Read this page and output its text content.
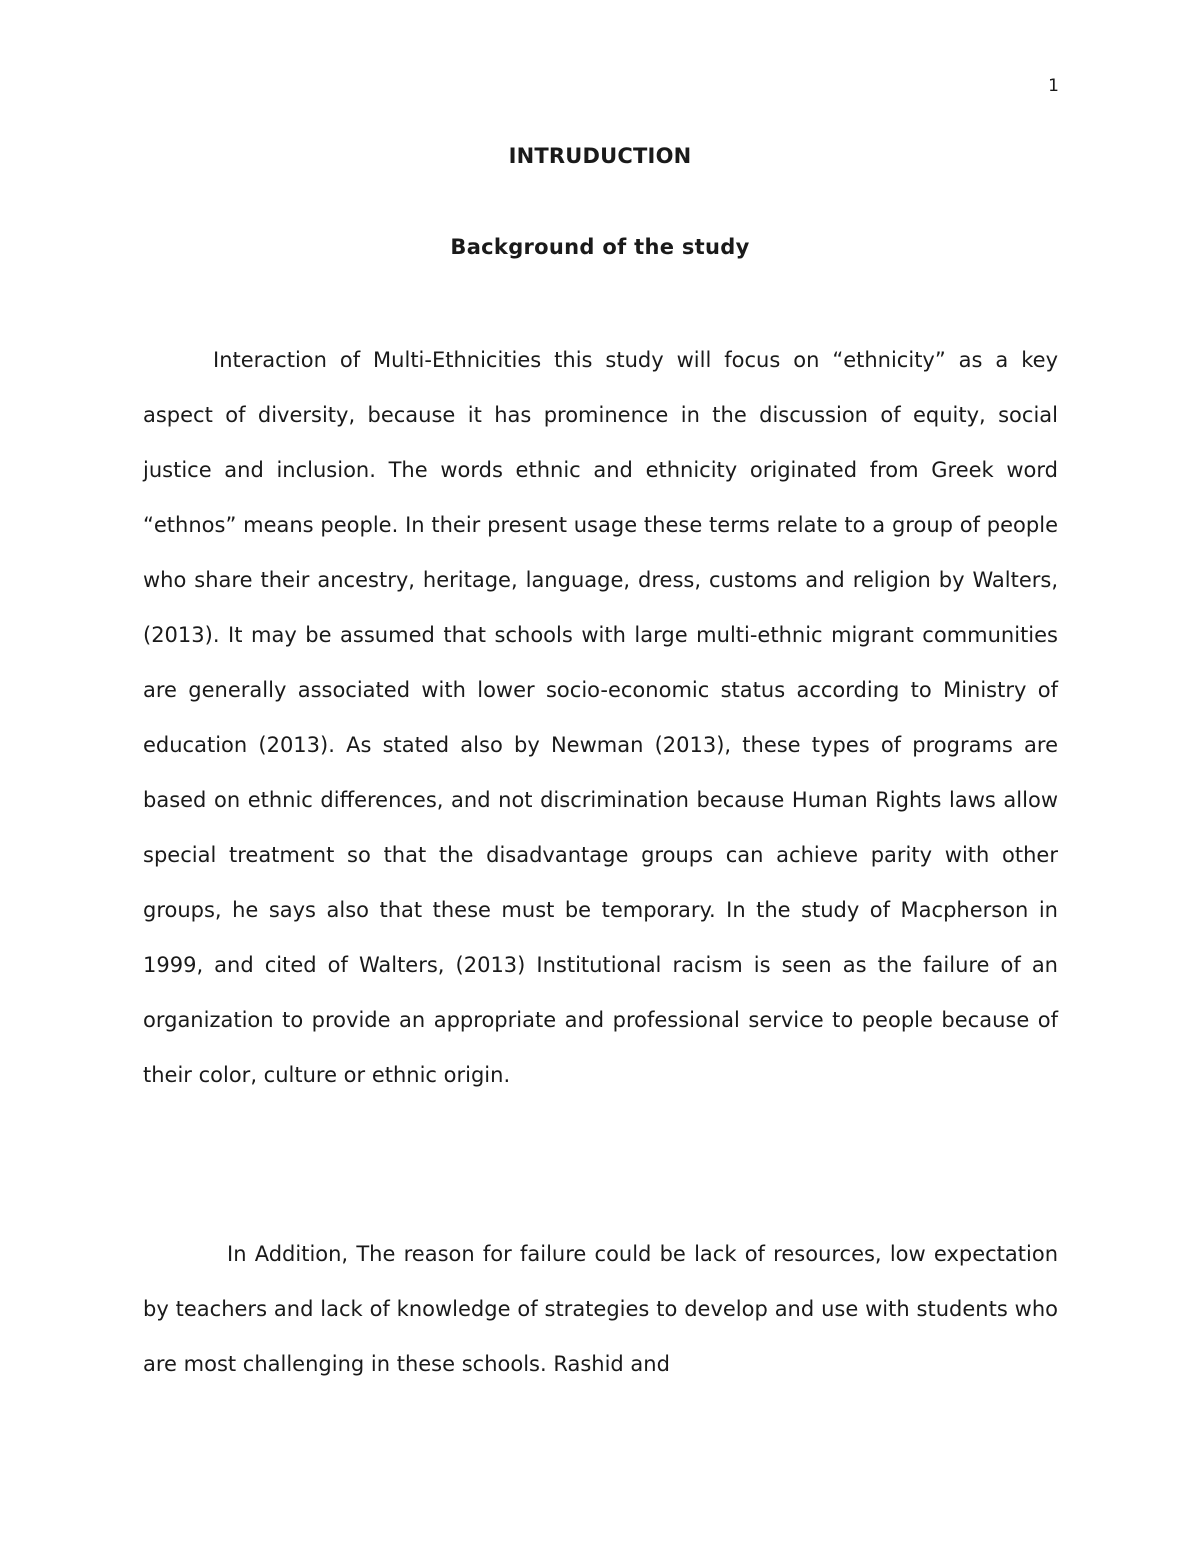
1
INTRUDUCTION
Background of the study

Interaction of Multi-Ethnicities this study will focus on “ethnicity” as a key aspect of diversity, because it has prominence in the discussion of equity, social justice and inclusion. The words ethnic and ethnicity originated from Greek word “ethnos” means people. In their present usage these terms relate to a group of people who share their ancestry, heritage, language, dress, customs and religion by Walters, (2013). It may be assumed that schools with large multi-ethnic migrant communities are generally associated with lower socio-economic status according to Ministry of education (2013). As stated also by Newman (2013), these types of programs are based on ethnic differences, and not discrimination because Human Rights laws allow special treatment so that the disadvantage groups can achieve parity with other groups, he says also that these must be temporary. In the study of Macpherson in 1999, and cited of Walters, (2013) Institutional racism is seen as the failure of an organization to provide an appropriate and professional service to people because of their color, culture or ethnic origin.

In Addition, The reason for failure could be lack of resources, low expectation by teachers and lack of knowledge of strategies to develop and use with students who are most challenging in these schools. Rashid and
